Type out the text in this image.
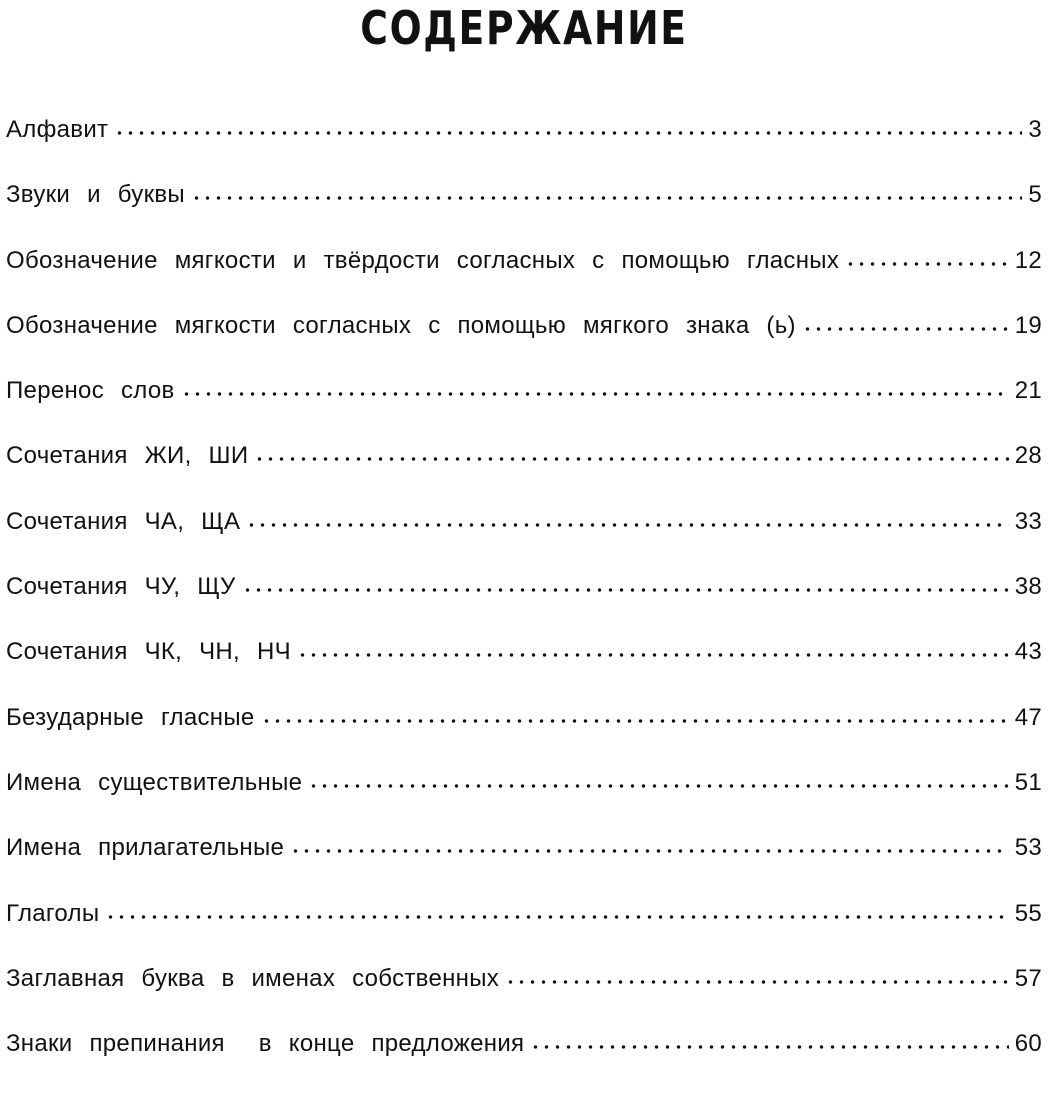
СОДЕРЖАНИЕ
Алфавит	3
Звуки и буквы	5
Обозначение мягкости и твёрдости согласных с помощью гласных	12
Обозначение мягкости согласных с помощью мягкого знака (ь)	19
Перенос слов	21
Сочетания ЖИ, ШИ	28
Сочетания ЧА, ЩА	33
Сочетания ЧУ, ЩУ	38
Сочетания ЧК, ЧН, НЧ	43
Безударные гласные	47
Имена существительные	51
Имена прилагательные	53
Глаголы	55
Заглавная буква в именах собственных	57
Знаки препинания  в конце предложения	60
